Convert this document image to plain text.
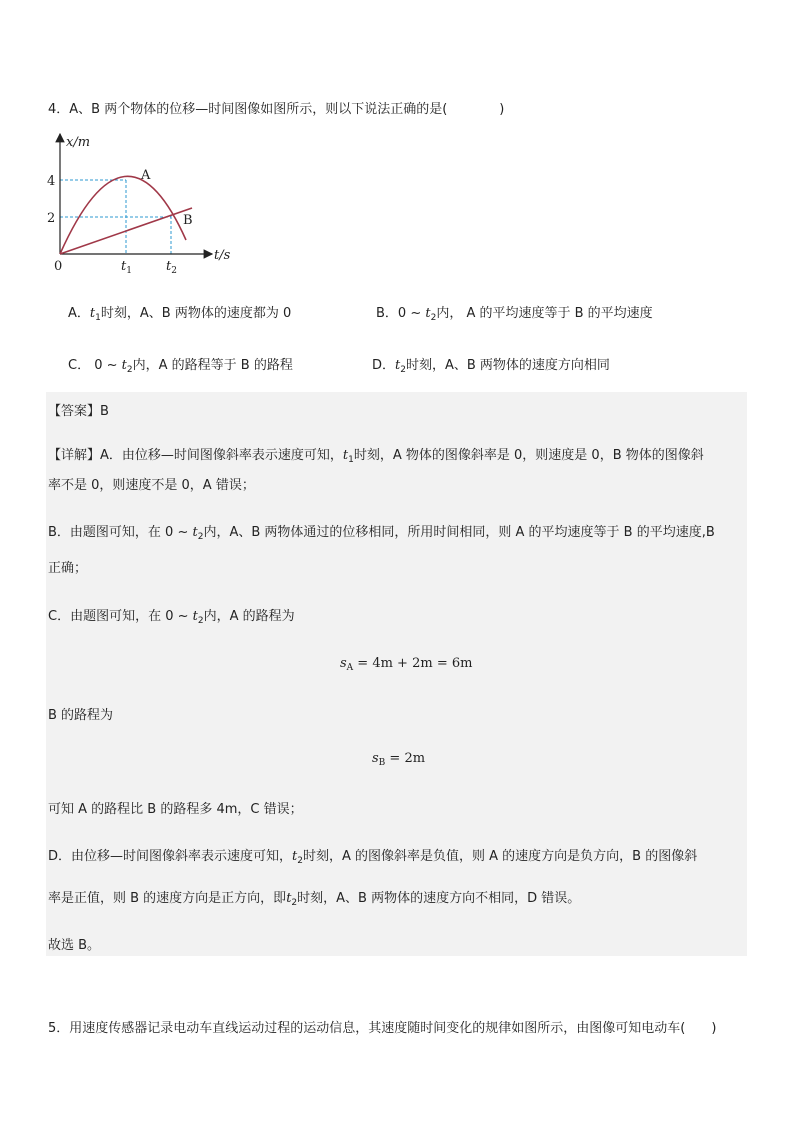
4．A、B 两个物体的位移—时间图像如图所示，则以下说法正确的是(　　　　)
x/m
t/s
0
4
2
$t_1$	$t_2$
A
B
A．$t_1$时刻，A、B 两物体的速度都为 0	B．0 ~ $t_2$内， A 的平均速度等于 B 的平均速度
C． 0 ~ $t_2$内，A 的路程等于 B 的路程	D．$t_2$时刻，A、B 两物体的速度方向相同
【答案】B
【详解】A．由位移—时间图像斜率表示速度可知，$t_1$时刻，A 物体的图像斜率是 0，则速度是 0，B 物体的图像斜
率不是 0，则速度不是 0，A 错误；
B．由题图可知，在 0 ~ $t_2$内，A、B 两物体通过的位移相同，所用时间相同，则 A 的平均速度等于 B 的平均速度,B
正确；
C．由题图可知，在 0 ~ $t_2$内，A 的路程为
$s_A = 4m + 2m = 6m$
B 的路程为
$s_B = 2m$
可知 A 的路程比 B 的路程多 4m，C 错误；
D．由位移—时间图像斜率表示速度可知，$t_2$时刻，A 的图像斜率是负值，则 A 的速度方向是负方向，B 的图像斜
率是正值，则 B 的速度方向是正方向，即$t_2$时刻，A、B 两物体的速度方向不相同，D 错误。
故选 B。
5．用速度传感器记录电动车直线运动过程的运动信息，其速度随时间变化的规律如图所示，由图像可知电动车(　　)
